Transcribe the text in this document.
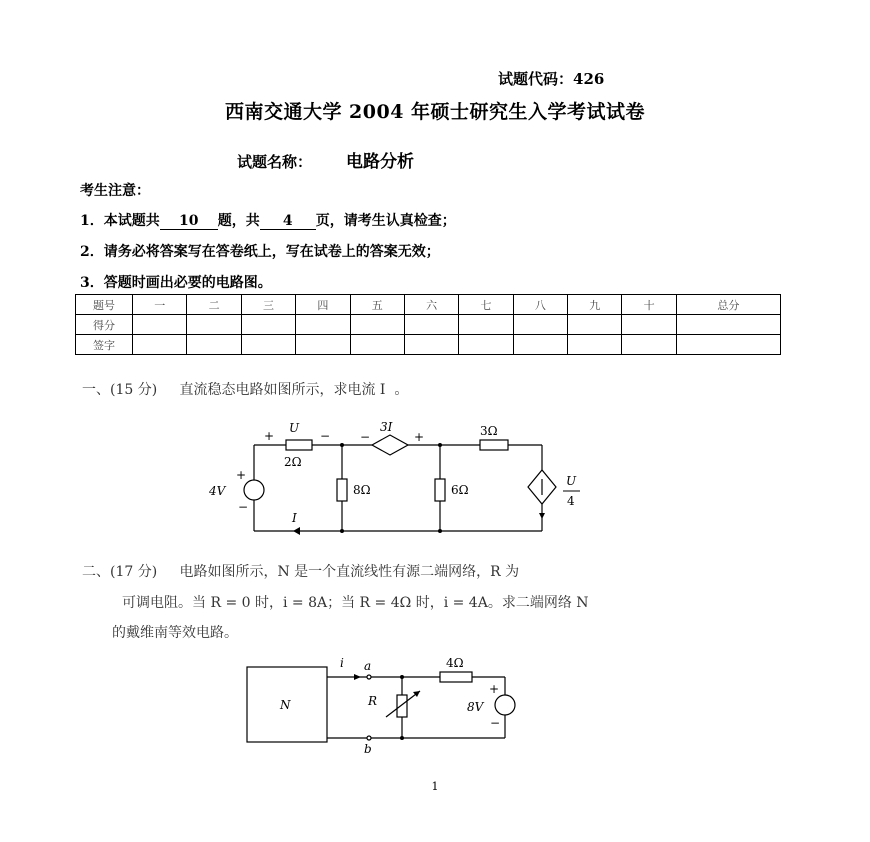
试题代码：426
西南交通大学 2004 年硕士研究生入学考试试卷
试题名称： 电路分析
考生注意：
1．本试题共 10 题，共 4 页，请考生认真检查；
2．请务必将答案写在答卷纸上，写在试卷上的答案无效；
3．答题时画出必要的电路图。
题号	一	二	三	四	五	六	七	八	九	十	总分
得分											
签字											
一、(15 分)     直流稳态电路如图所示，求电流 I  。
+
U
−
2Ω
−
3I
+	3Ω
4V
+
−
8Ω	6Ω
I
U
4
二、(17 分)     电路如图所示，N 是一个直流线性有源二端网络，R 为
可调电阻。当 R = 0 时，i = 8A；当 R = 4Ω 时，i = 4A。求二端网络 N
的戴维南等效电路。
N
i a
b
R
4Ω
8V
+
−
1
